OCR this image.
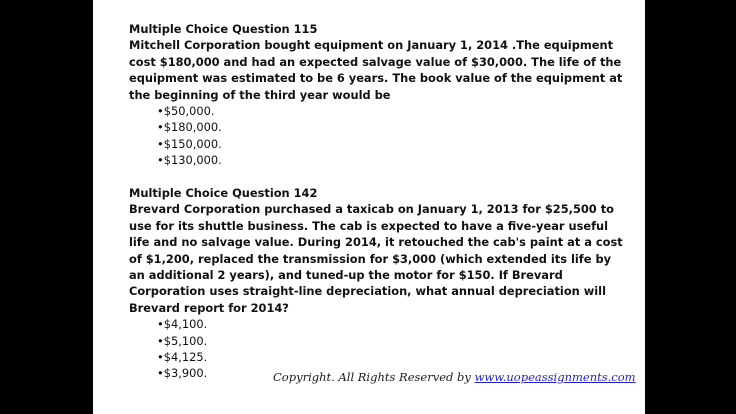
Multiple Choice Question 115

Mitchell Corporation bought equipment on January 1, 2014 .The equipment cost $180,000 and had an expected salvage value of $30,000. The life of the equipment was estimated to be 6 years. The book value of the equipment at the beginning of the third year would be

• $50,000.
• $180,000.
• $150,000.
• $130,000.

Multiple Choice Question 142

Brevard Corporation purchased a taxicab on January 1, 2013 for $25,500 to use for its shuttle business. The cab is expected to have a five-year useful life and no salvage value. During 2014, it retouched the cab's paint at a cost of $1,200, replaced the transmission for $3,000 (which extended its life by an additional 2 years), and tuned-up the motor for $150. If Brevard Corporation uses straight-line depreciation, what annual depreciation will Brevard report for 2014?

• $4,100.
• $5,100.
• $4,125.
• $3,900.	Copyright. All Rights Reserved by www.uopeassignments.com
